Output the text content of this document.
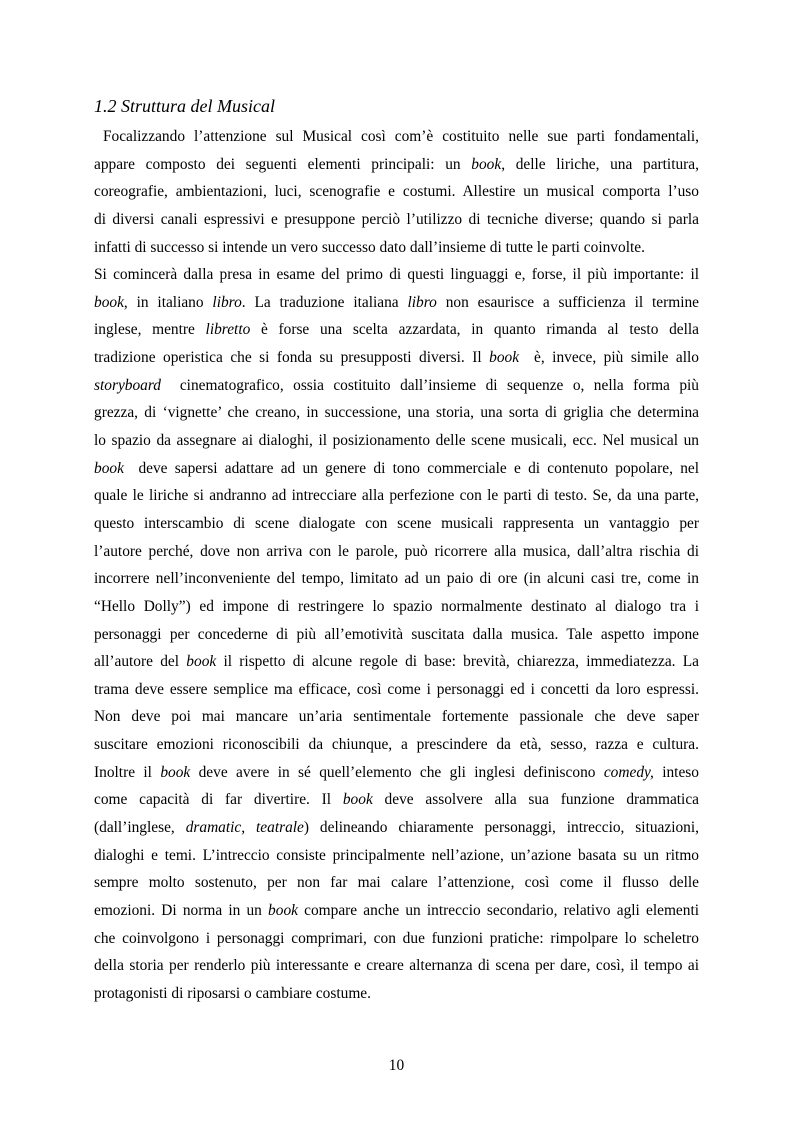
1.2 Struttura del Musical
Focalizzando l’attenzione sul Musical così com’è costituito nelle sue parti fondamentali,
appare composto dei seguenti elementi principali: un book, delle liriche, una partitura,
coreografie, ambientazioni, luci, scenografie e costumi. Allestire un musical comporta l’uso
di diversi canali espressivi e presuppone perciò l’utilizzo di tecniche diverse; quando si parla
infatti di successo si intende un vero successo dato dall’insieme di tutte le parti coinvolte.
Si comincerà dalla presa in esame del primo di questi linguaggi e, forse, il più importante: il
book, in italiano libro. La traduzione italiana libro non esaurisce a sufficienza il termine
inglese, mentre libretto è forse una scelta azzardata, in quanto rimanda al testo della
tradizione operistica che si fonda su presupposti diversi. Il book  è, invece, più simile allo
storyboard  cinematografico, ossia costituito dall’insieme di sequenze o, nella forma più
grezza, di ‘vignette’ che creano, in successione, una storia, una sorta di griglia che determina
lo spazio da assegnare ai dialoghi, il posizionamento delle scene musicali, ecc. Nel musical un
book  deve sapersi adattare ad un genere di tono commerciale e di contenuto popolare, nel
quale le liriche si andranno ad intrecciare alla perfezione con le parti di testo. Se, da una parte,
questo interscambio di scene dialogate con scene musicali rappresenta un vantaggio per
l’autore perché, dove non arriva con le parole, può ricorrere alla musica, dall’altra rischia di
incorrere nell’inconveniente del tempo, limitato ad un paio di ore (in alcuni casi tre, come in
“Hello Dolly”) ed impone di restringere lo spazio normalmente destinato al dialogo tra i
personaggi per concederne di più all’emotività suscitata dalla musica. Tale aspetto impone
all’autore del book il rispetto di alcune regole di base: brevità, chiarezza, immediatezza. La
trama deve essere semplice ma efficace, così come i personaggi ed i concetti da loro espressi.
Non deve poi mai mancare un’aria sentimentale fortemente passionale che deve saper
suscitare emozioni riconoscibili da chiunque, a prescindere da età, sesso, razza e cultura.
Inoltre il book deve avere in sé quell’elemento che gli inglesi definiscono comedy, inteso
come capacità di far divertire. Il book deve assolvere alla sua funzione drammatica
(dall’inglese, dramatic, teatrale) delineando chiaramente personaggi, intreccio, situazioni,
dialoghi e temi. L’intreccio consiste principalmente nell’azione, un’azione basata su un ritmo
sempre molto sostenuto, per non far mai calare l’attenzione, così come il flusso delle
emozioni. Di norma in un book compare anche un intreccio secondario, relativo agli elementi
che coinvolgono i personaggi comprimari, con due funzioni pratiche: rimpolpare lo scheletro
della storia per renderlo più interessante e creare alternanza di scena per dare, così, il tempo ai
protagonisti di riposarsi o cambiare costume.
10
